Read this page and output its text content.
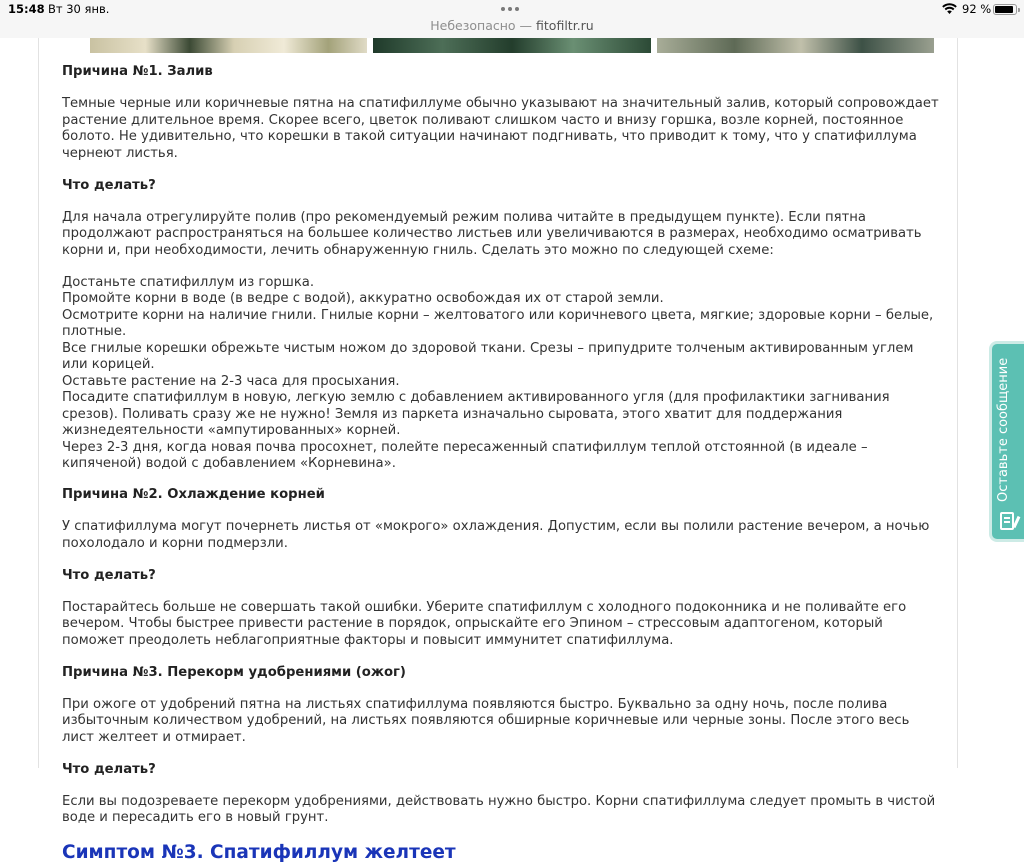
15:48 Вт 30 янв.	92 %
Небезопасно — fitofiltr.ru

Причина №1. Залив

Темные черные или коричневые пятна на спатифиллуме обычно указывают на значительный залив, который сопровождает растение длительное время. Скорее всего, цветок поливают слишком часто и внизу горшка, возле корней, постоянное болото. Не удивительно, что корешки в такой ситуации начинают подгнивать, что приводит к тому, что у спатифиллума чернеют листья.

Что делать?

Для начала отрегулируйте полив (про рекомендуемый режим полива читайте в предыдущем пункте). Если пятна продолжают распространяться на большее количество листьев или увеличиваются в размерах, необходимо осматривать корни и, при необходимости, лечить обнаруженную гниль. Сделать это можно по следующей схеме:

Достаньте спатифиллум из горшка.
Промойте корни в воде (в ведре с водой), аккуратно освобождая их от старой земли.
Осмотрите корни на наличие гнили. Гнилые корни – желтоватого или коричневого цвета, мягкие; здоровые корни – белые, плотные.
Все гнилые корешки обрежьте чистым ножом до здоровой ткани. Срезы – припудрите толченым активированным углем или корицей.
Оставьте растение на 2-3 часа для просыхания.
Посадите спатифиллум в новую, легкую землю с добавлением активированного угля (для профилактики загнивания срезов). Поливать сразу же не нужно! Земля из паркета изначально сыровата, этого хватит для поддержания жизнедеятельности «ампутированных» корней.
Через 2-3 дня, когда новая почва просохнет, полейте пересаженный спатифиллум теплой отстоянной (в идеале – кипяченой) водой с добавлением «Корневина».

Причина №2. Охлаждение корней

У спатифиллума могут почернеть листья от «мокрого» охлаждения. Допустим, если вы полили растение вечером, а ночью похолодало и корни подмерзли.

Что делать?

Постарайтесь больше не совершать такой ошибки. Уберите спатифиллум с холодного подоконника и не поливайте его вечером. Чтобы быстрее привести растение в порядок, опрыскайте его Эпином – стрессовым адаптогеном, который поможет преодолеть неблагоприятные факторы и повысит иммунитет спатифиллума.

Причина №3. Перекорм удобрениями (ожог)

При ожоге от удобрений пятна на листьях спатифиллума появляются быстро. Буквально за одну ночь, после полива избыточным количеством удобрений, на листьях появляются обширные коричневые или черные зоны. После этого весь лист желтеет и отмирает.

Что делать?

Если вы подозреваете перекорм удобрениями, действовать нужно быстро. Корни спатифиллума следует промыть в чистой воде и пересадить его в новый грунт.

Симптом №3. Спатифиллум желтеет
Оставьте сообщение
